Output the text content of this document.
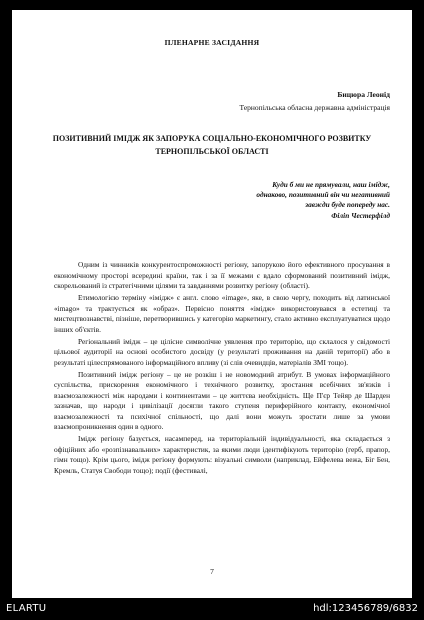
ПЛЕНАРНЕ ЗАСІДАННЯ
Бицюра Леонід
Тернопільська обласна державна адміністрація
ПОЗИТИВНИЙ ІМІДЖ ЯК ЗАПОРУКА СОЦІАЛЬНО-ЕКОНОМІЧНОГО РОЗВИТКУ ТЕРНОПІЛЬСЬКОЇ ОБЛАСТІ
Куди б ми не прямували, наш імідж,
однаково, позитивний він чи негативний
завжди буде попереду нас.
Філіп Честерфілд

Одним із чинників конкурентоспроможності регіону, запорукою його ефективного просування в економічному просторі всередині країни, так і за її межами є вдало сформований позитивний імідж, скорельований із стратегічними цілями та завданнями розвитку регіону (області).

Етимологією терміну «імідж» є англ. слово «image», яке, в свою чергу, походить від латинської «imago» та трактується як «образ». Первісно поняття «імідж» використовувався в естетиці та мистецтвознавстві, пізніше, перетворившись у категорію маркетингу, стало активно експлуатуватися щодо інших об'єктів.

Регіональний імідж – це цілісне символічне уявлення про територію, що склалося у свідомості цільової аудиторії на основі особистого досвіду (у результаті проживання на даній території) або в результаті цілеспрямованого інформаційного впливу (зі слів очевидців, матеріалів ЗМІ тощо).

Позитивний імідж регіону – це не розкіш і не новомодний атрибут. В умовах інформаційного суспільства, прискорення економічного і технічного розвитку, зростання всебічних зв'язків і взаємозалежності між народами і континентами – це життєва необхідність. Ще П'єр Тейяр де Шарден зазначав, що народи і цивілізації досягли такого ступеня периферійного контакту, економічної взаємозалежності та психічної спільності, що далі вони можуть зростати лише за умови взаємопроникнення один в одного.

Імідж регіону базується, насамперед, на територіальній індивідуальності, яка складається з офіційних або «розпізнавальних» характеристик, за якими люди ідентифікують територію (герб, прапор, гімн тощо). Крім цього, імідж регіону формують: візуальні символи (наприклад, Ейфелева вежа, Біг Бен, Кремль, Статуя Свободи тощо); події (фестивалі,

7
ELARTU	hdl:123456789/6832
